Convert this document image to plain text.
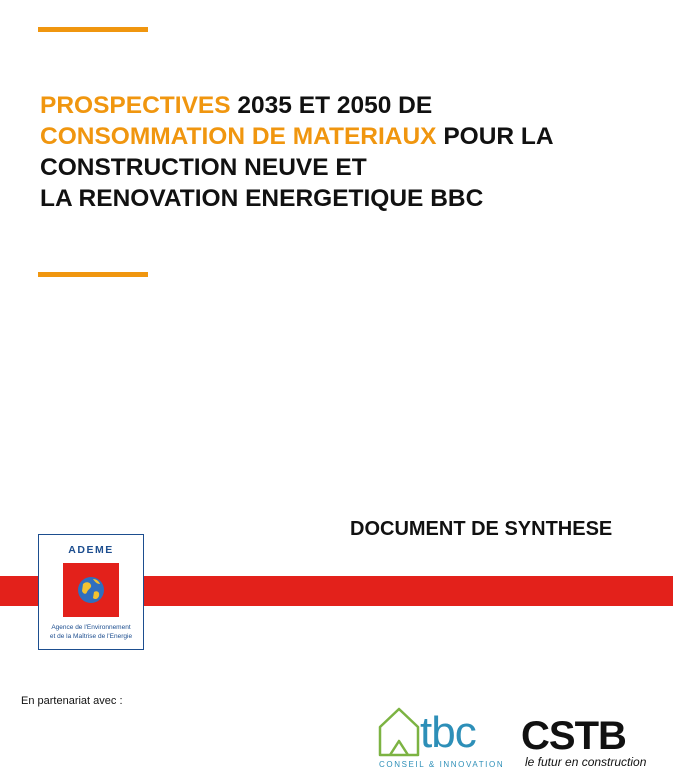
PROSPECTIVES 2035 ET 2050 DE
CONSOMMATION DE MATERIAUX POUR LA
CONSTRUCTION NEUVE ET
LA RENOVATION ENERGETIQUE BBC
DOCUMENT DE SYNTHESE
ADEME
Agence de l'Environnement
et de la Maîtrise de l'Energie
En partenariat avec :
tbc
CONSEIL & INNOVATION
CSTB
le futur en construction
